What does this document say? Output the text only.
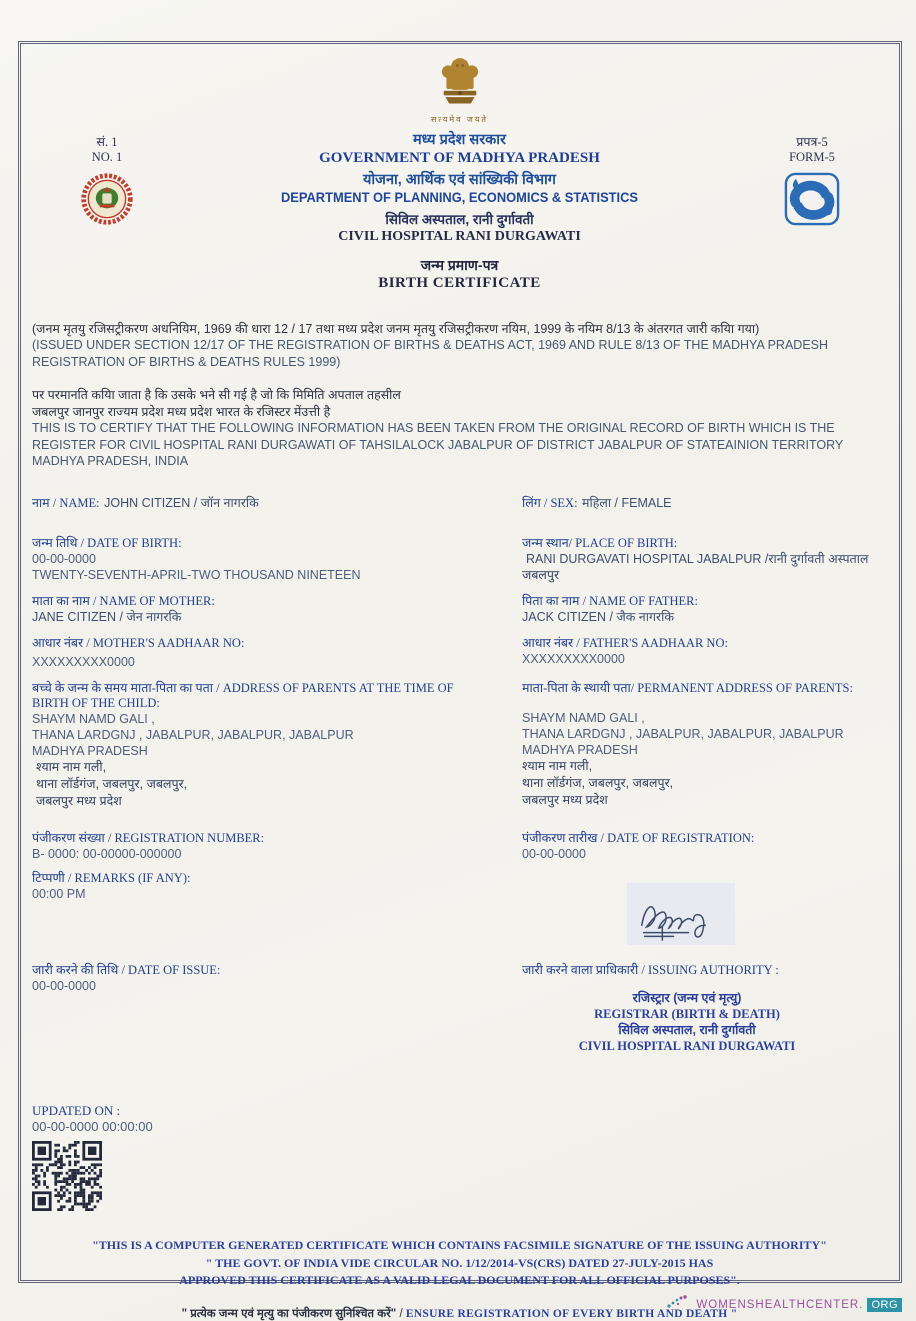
सत्यमेव जयते
सं. 1
NO. 1
मध्य प्रदेश सरकार
GOVERNMENT OF MADHYA PRADESH
योजना, आर्थिक एवं सांख्यिकी विभाग
DEPARTMENT OF PLANNING, ECONOMICS & STATISTICS
सिविल अस्पताल, रानी दुर्गावती
CIVIL HOSPITAL RANI DURGAWATI
प्रपत्र-5
FORM-5
जन्म प्रमाण-पत्र
BIRTH CERTIFICATE
(जनम मृतयु रजिसट्रीकरण अधनियिम, 1969 की धारा 12 / 17 तथा मध्य प्रदेश जनम मृतयु रजिसट्रीकरण नयिम, 1999 के नयिम 8/13 के अंतरगत जारी कयिा गया)
(ISSUED UNDER SECTION 12/17 OF THE REGISTRATION OF BIRTHS & DEATHS ACT, 1969 AND RULE 8/13 OF THE MADHYA PRADESH REGISTRATION OF BIRTHS & DEATHS RULES 1999)
पर परमानति कयिा जाता है कि उसके भने सी गई है जो कि मिमिति अपताल तहसील
जबलपुर जानपुर राज्यम प्रदेश मध्य प्रदेश भारत के रजिस्टर मेंउत्ती है
THIS IS TO CERTIFY THAT THE FOLLOWING INFORMATION HAS BEEN TAKEN FROM THE ORIGINAL RECORD OF BIRTH WHICH IS THE REGISTER FOR CIVIL HOSPITAL RANI DURGAWATI OF TAHSILALOCK JABALPUR OF DISTRICT JABALPUR OF STATEAINION TERRITORY MADHYA PRADESH, INDIA
नाम / NAME: JOHN CITIZEN / जॉन नागरकि	लिंग / SEX: महिला / FEMALE
जन्म तिथि / DATE OF BIRTH:
00-00-0000
TWENTY-SEVENTH-APRIL-TWO THOUSAND NINETEEN
जन्म स्थान/ PLACE OF BIRTH:
RANI DURGAVATI HOSPITAL JABALPUR /रानी दुर्गावती अस्पताल
जबलपुर
माता का नाम / NAME OF MOTHER:
JANE CITIZEN / जेन नागरकि
पिता का नाम / NAME OF FATHER:
JACK CITIZEN / जैक नागरकि
आधार नंबर / MOTHER'S AADHAAR NO:
XXXXXXXXX0000
आधार नंबर / FATHER'S AADHAAR NO:
XXXXXXXXX0000
बच्चे के जन्म के समय माता-पिता का पता / ADDRESS OF PARENTS AT THE TIME OF
BIRTH OF THE CHILD:
SHAYM NAMD GALI ,
THANA LARDGNJ , JABALPUR, JABALPUR, JABALPUR
MADHYA PRADESH
श्याम नाम गली,
थाना लॉर्डगंज, जबलपुर, जबलपुर,
जबलपुर मध्य प्रदेश
माता-पिता के स्थायी पता/ PERMANENT ADDRESS OF PARENTS:
SHAYM NAMD GALI ,
THANA LARDGNJ , JABALPUR, JABALPUR, JABALPUR
MADHYA PRADESH
श्याम नाम गली,
थाना लॉर्डगंज, जबलपुर, जबलपुर,
जबलपुर मध्य प्रदेश
पंजीकरण संख्या / REGISTRATION NUMBER:
B- 0000: 00-00000-000000
पंजीकरण तारीख / DATE OF REGISTRATION:
00-00-0000
टिप्पणी / REMARKS (IF ANY):
00:00 PM
जारी करने की तिथि / DATE OF ISSUE:
00-00-0000
जारी करने वाला प्राधिकारी / ISSUING AUTHORITY :
रजिस्ट्रार (जन्म एवं मृत्यु)
REGISTRAR (BIRTH & DEATH)
सिविल अस्पताल, रानी दुर्गावती
CIVIL HOSPITAL RANI DURGAWATI
UPDATED ON :
00-00-0000 00:00:00
"THIS IS A COMPUTER GENERATED CERTIFICATE WHICH CONTAINS FACSIMILE SIGNATURE OF THE ISSUING AUTHORITY"
" THE GOVT. OF INDIA VIDE CIRCULAR NO. 1/12/2014-VS(CRS) DATED 27-JULY-2015 HAS
APPROVED THIS CERTIFICATE AS A VALID LEGAL DOCUMENT FOR ALL OFFICIAL PURPOSES".
" प्रत्येक जन्म एवं मृत्यु का पंजीकरण सुनिश्चित करें" / ENSURE REGISTRATION OF EVERY BIRTH AND DEATH "
WOMENSHEALTHCENTER. ORG
